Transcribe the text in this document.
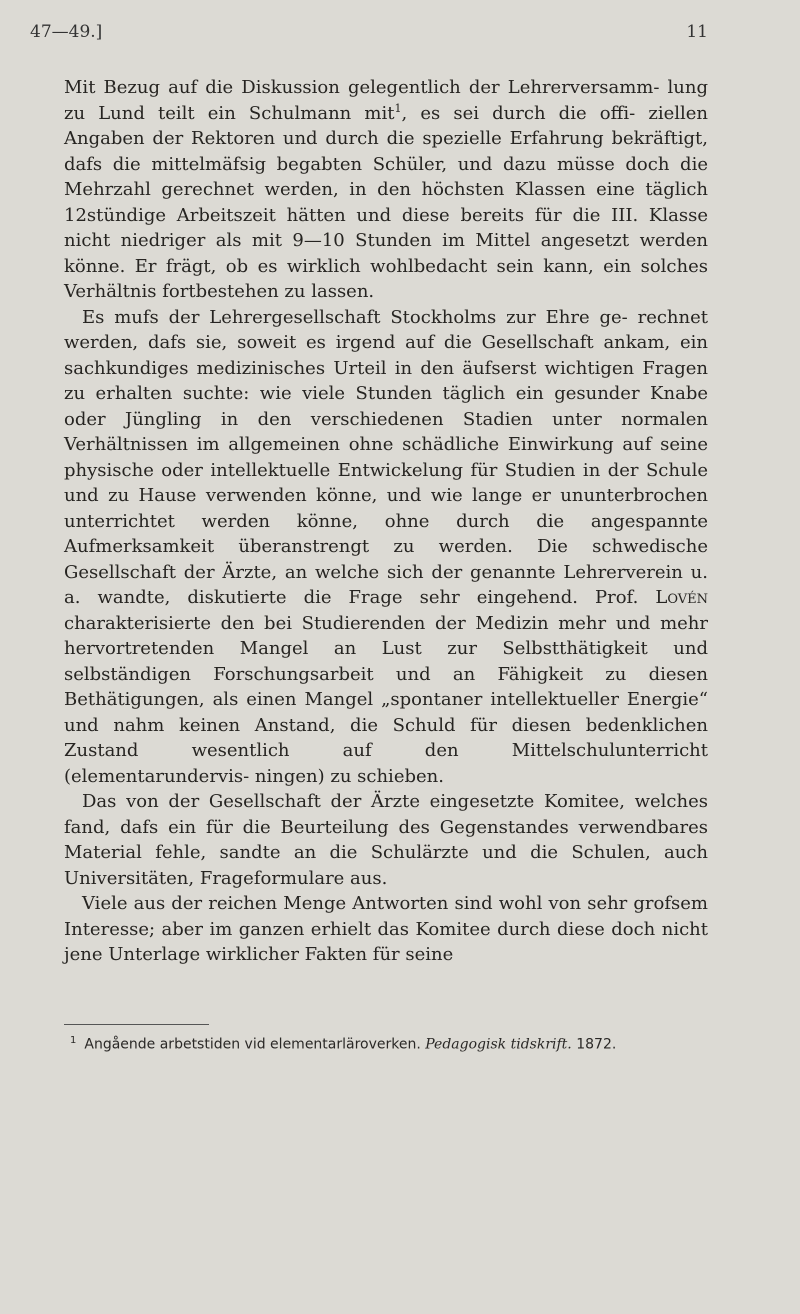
47—49.]	11

Mit Bezug auf die Diskussion gelegentlich der Lehrerversamm- lung zu Lund teilt ein Schulmann mit$^1$, es sei durch die offi- ziellen Angaben der Rektoren und durch die spezielle Erfahrung bekräftigt, dafs die mittelmäfsig begabten Schüler, und dazu müsse doch die Mehrzahl gerechnet werden, in den höchsten Klassen eine täglich 12stündige Arbeitszeit hätten und diese bereits für die III. Klasse nicht niedriger als mit 9—10 Stunden im Mittel angesetzt werden könne. Er frägt, ob es wirklich wohlbedacht sein kann, ein solches Verhältnis fortbestehen zu lassen.

Es mufs der Lehrergesellschaft Stockholms zur Ehre ge- rechnet werden, dafs sie, soweit es irgend auf die Gesellschaft ankam, ein sachkundiges medizinisches Urteil in den äufserst wichtigen Fragen zu erhalten suchte: wie viele Stunden täglich ein gesunder Knabe oder Jüngling in den verschiedenen Stadien unter normalen Verhältnissen im allgemeinen ohne schädliche Einwirkung auf seine physische oder intellektuelle Entwickelung für Studien in der Schule und zu Hause verwenden könne, und wie lange er ununterbrochen unterrichtet werden könne, ohne durch die angespannte Aufmerksamkeit überanstrengt zu werden. Die schwedische Gesellschaft der Ärzte, an welche sich der genannte Lehrerverein u. a. wandte, diskutierte die Frage sehr eingehend. Prof. Lovén charakterisierte den bei Studierenden der Medizin mehr und mehr hervortretenden Mangel an Lust zur Selbstthätigkeit und selbständigen Forschungsarbeit und an Fähigkeit zu diesen Bethätigungen, als einen Mangel „spontaner intellektueller Energie“ und nahm keinen Anstand, die Schuld für diesen bedenklichen Zustand wesentlich auf den Mittelschulunterricht (elementarundervis- ningen) zu schieben.

Das von der Gesellschaft der Ärzte eingesetzte Komitee, welches fand, dafs ein für die Beurteilung des Gegenstandes verwendbares Material fehle, sandte an die Schulärzte und die Schulen, auch Universitäten, Frageformulare aus.

Viele aus der reichen Menge Antworten sind wohl von sehr grofsem Interesse; aber im ganzen erhielt das Komitee durch diese doch nicht jene Unterlage wirklicher Fakten für seine

$^1$ Angående arbetstiden vid elementarläroverken. Pedagogisk tidskrift. 1872.
